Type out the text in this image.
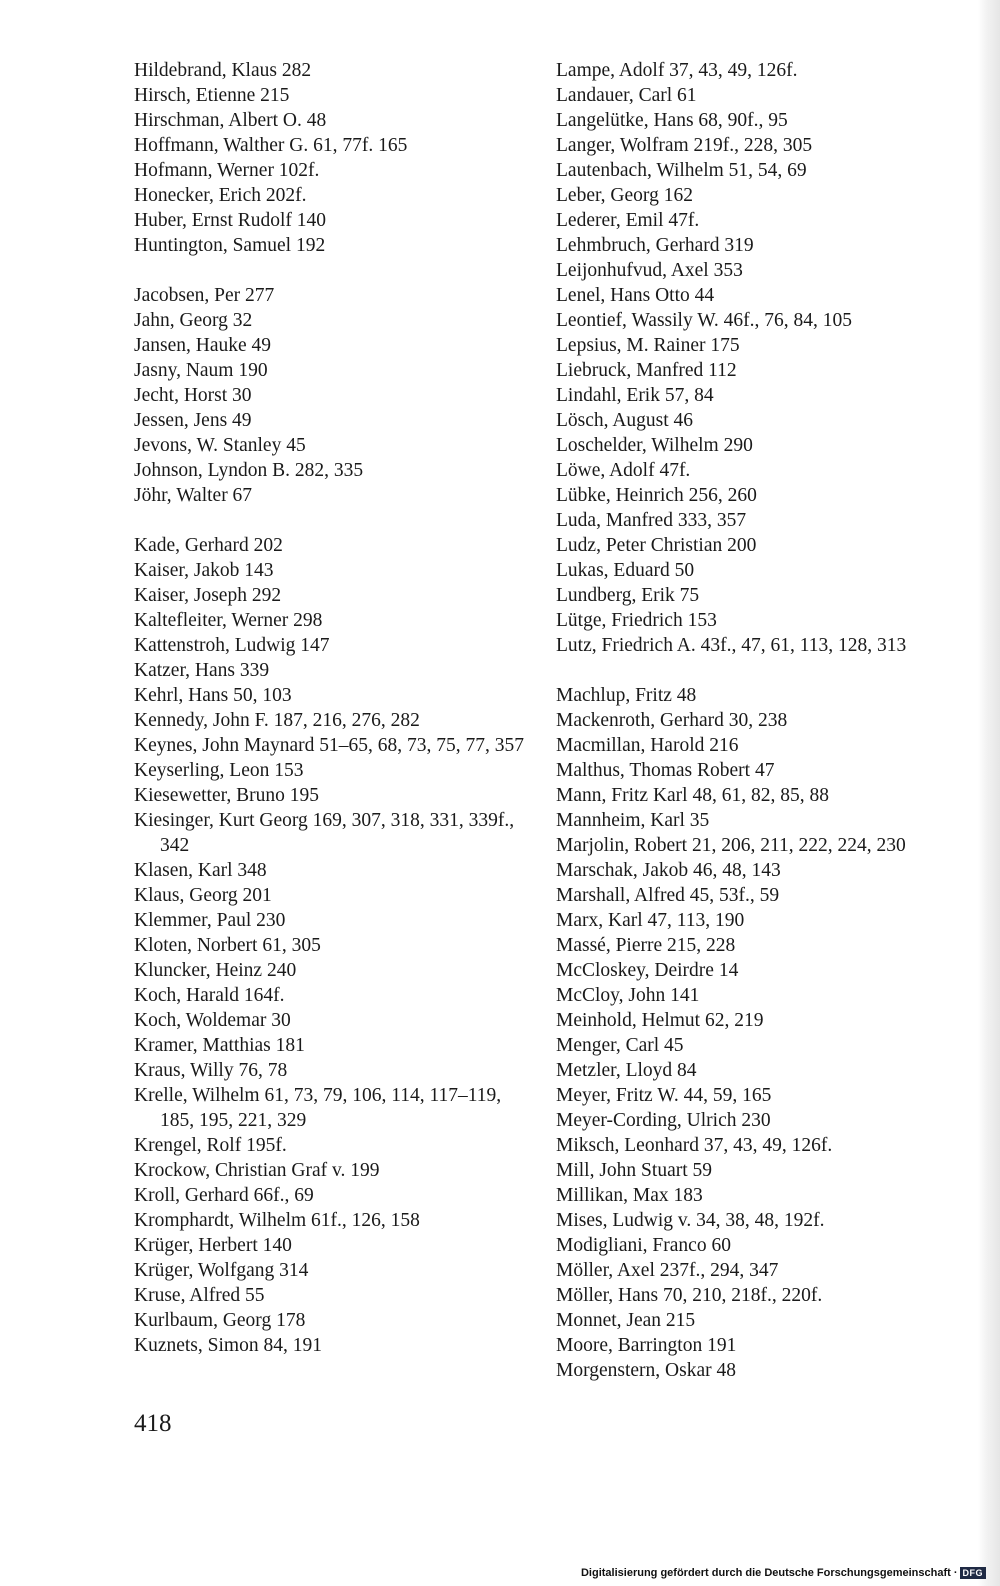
Hildebrand, Klaus 282
Hirsch, Etienne 215
Hirschman, Albert O. 48
Hoffmann, Walther G. 61, 77f. 165
Hofmann, Werner 102f.
Honecker, Erich 202f.
Huber, Ernst Rudolf 140
Huntington, Samuel 192
Jacobsen, Per 277
Jahn, Georg 32
Jansen, Hauke 49
Jasny, Naum 190
Jecht, Horst 30
Jessen, Jens 49
Jevons, W. Stanley 45
Johnson, Lyndon B. 282, 335
Jöhr, Walter 67
Kade, Gerhard 202
Kaiser, Jakob 143
Kaiser, Joseph 292
Kaltefleiter, Werner 298
Kattenstroh, Ludwig 147
Katzer, Hans 339
Kehrl, Hans 50, 103
Kennedy, John F. 187, 216, 276, 282
Keynes, John Maynard 51–65, 68, 73, 75, 77, 357
Keyserling, Leon 153
Kiesewetter, Bruno 195
Kiesinger, Kurt Georg 169, 307, 318, 331, 339f., 342
Klasen, Karl 348
Klaus, Georg 201
Klemmer, Paul 230
Kloten, Norbert 61, 305
Kluncker, Heinz 240
Koch, Harald 164f.
Koch, Woldemar 30
Kramer, Matthias 181
Kraus, Willy 76, 78
Krelle, Wilhelm 61, 73, 79, 106, 114, 117–119, 185, 195, 221, 329
Krengel, Rolf 195f.
Krockow, Christian Graf v. 199
Kroll, Gerhard 66f., 69
Kromphardt, Wilhelm 61f., 126, 158
Krüger, Herbert 140
Krüger, Wolfgang 314
Kruse, Alfred 55
Kurlbaum, Georg 178
Kuznets, Simon 84, 191
Lampe, Adolf 37, 43, 49, 126f.
Landauer, Carl 61
Langelütke, Hans 68, 90f., 95
Langer, Wolfram 219f., 228, 305
Lautenbach, Wilhelm 51, 54, 69
Leber, Georg 162
Lederer, Emil 47f.
Lehmbruch, Gerhard 319
Leijonhufvud, Axel 353
Lenel, Hans Otto 44
Leontief, Wassily W. 46f., 76, 84, 105
Lepsius, M. Rainer 175
Liebruck, Manfred 112
Lindahl, Erik 57, 84
Lösch, August 46
Loschelder, Wilhelm 290
Löwe, Adolf 47f.
Lübke, Heinrich 256, 260
Luda, Manfred 333, 357
Ludz, Peter Christian 200
Lukas, Eduard 50
Lundberg, Erik 75
Lütge, Friedrich 153
Lutz, Friedrich A. 43f., 47, 61, 113, 128, 313
Machlup, Fritz 48
Mackenroth, Gerhard 30, 238
Macmillan, Harold 216
Malthus, Thomas Robert 47
Mann, Fritz Karl 48, 61, 82, 85, 88
Mannheim, Karl 35
Marjolin, Robert 21, 206, 211, 222, 224, 230
Marschak, Jakob 46, 48, 143
Marshall, Alfred 45, 53f., 59
Marx, Karl 47, 113, 190
Massé, Pierre 215, 228
McCloskey, Deirdre 14
McCloy, John 141
Meinhold, Helmut 62, 219
Menger, Carl 45
Metzler, Lloyd 84
Meyer, Fritz W. 44, 59, 165
Meyer-Cording, Ulrich 230
Miksch, Leonhard 37, 43, 49, 126f.
Mill, John Stuart 59
Millikan, Max 183
Mises, Ludwig v. 34, 38, 48, 192f.
Modigliani, Franco 60
Möller, Axel 237f., 294, 347
Möller, Hans 70, 210, 218f., 220f.
Monnet, Jean 215
Moore, Barrington 191
Morgenstern, Oskar 48
418
Digitalisierung gefördert durch die Deutsche Forschungsgemeinschaft · DFG
